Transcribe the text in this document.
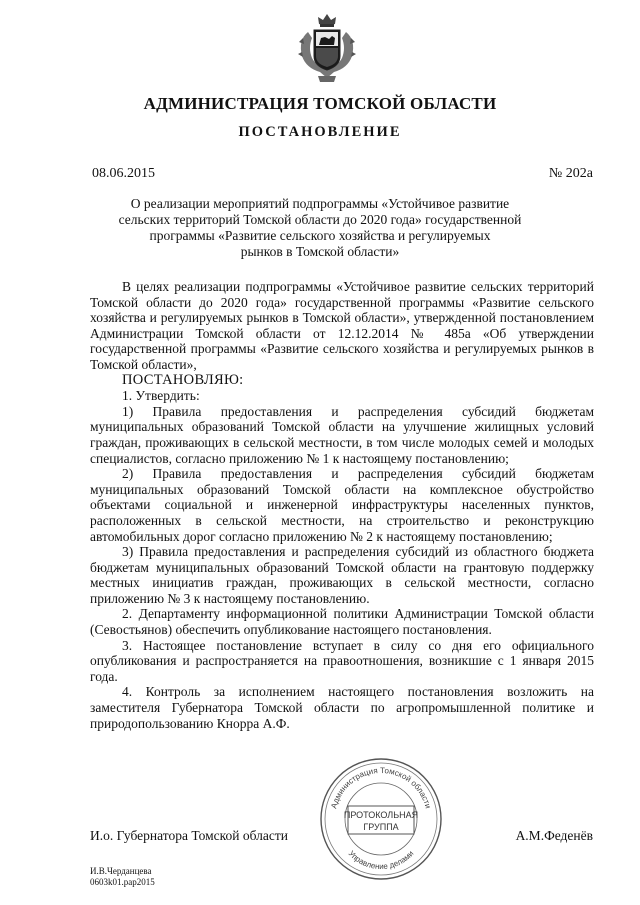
АДМИНИСТРАЦИЯ ТОМСКОЙ ОБЛАСТИ
ПОСТАНОВЛЕНИЕ
08.06.2015	№ 202а
О реализации мероприятий подпрограммы «Устойчивое развитие
сельских территорий Томской области до 2020 года» государственной
программы «Развитие сельского хозяйства и регулируемых
рынков в Томской области»

В целях реализации подпрограммы «Устойчивое развитие сельских территорий Томской области до 2020 года» государственной программы «Развитие сельского хозяйства и регулируемых рынков в Томской области», утвержденной постановлением Администрации Томской области от 12.12.2014 № 485а «Об утверждении государственной программы «Развитие сельского хозяйства и регулируемых рынков в Томской области»,

ПОСТАНОВЛЯЮ:

1. Утвердить:

1) Правила предоставления и распределения субсидий бюджетам муниципальных образований Томской области на улучшение жилищных условий граждан, проживающих в сельской местности, в том числе молодых семей и молодых специалистов, согласно приложению № 1 к настоящему постановлению;

2) Правила предоставления и распределения субсидий бюджетам муниципальных образований Томской области на комплексное обустройство объектами социальной и инженерной инфраструктуры населенных пунктов, расположенных в сельской местности, на строительство и реконструкцию автомобильных дорог согласно приложению № 2 к настоящему постановлению;

3) Правила предоставления и распределения субсидий из областного бюджета бюджетам муниципальных образований Томской области на грантовую поддержку местных инициатив граждан, проживающих в сельской местности, согласно приложению № 3 к настоящему постановлению.

2. Департаменту информационной политики Администрации Томской области (Севостьянов) обеспечить опубликование настоящего постановления.

3. Настоящее постановление вступает в силу со дня его официального опубликования и распространяется на правоотношения, возникшие с 1 января 2015 года.

4. Контроль за исполнением настоящего постановления возложить на заместителя Губернатора Томской области по агропромышленной политике и природопользованию Кнорра А.Ф.

Администрация Томской области
Управление делами
ПРОТОКОЛЬНАЯ
ГРУППА
И.о. Губернатора Томской области	А.М.Феденёв
И.В.Черданцева
0603k01.pap2015
